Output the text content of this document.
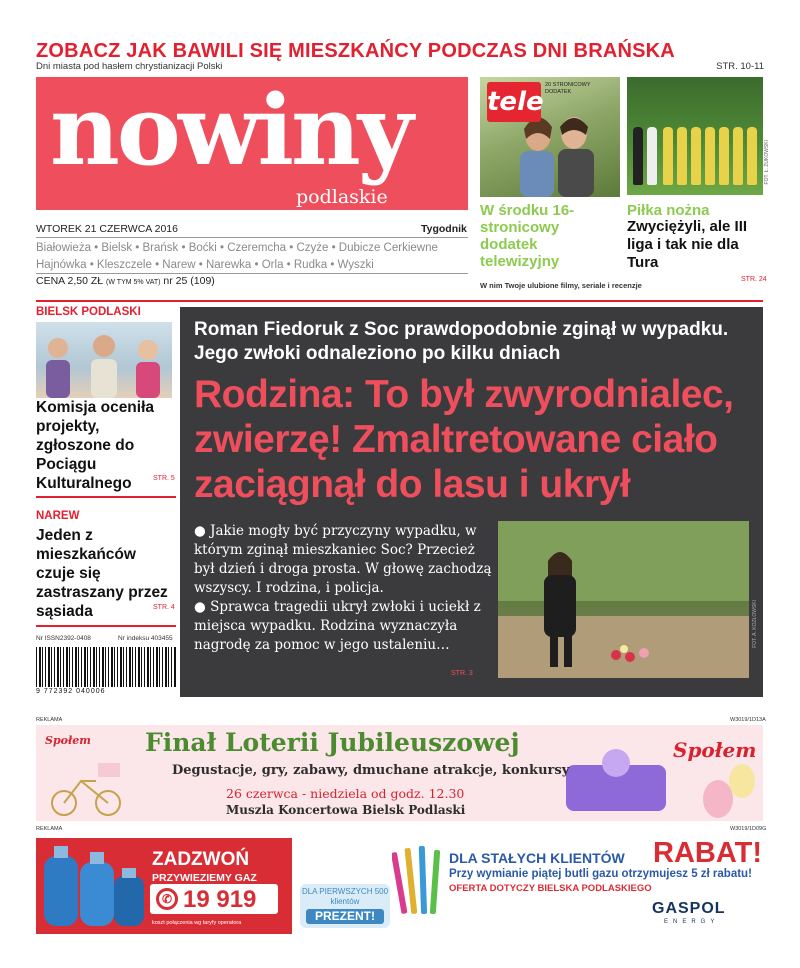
ZOBACZ JAK BAWILI SIĘ MIESZKAŃCY PODCZAS DNI BRAŃSKA
Dni miasta pod hasłem chrystianizacji Polski	STR. 10-11
nowiny
podlaskie
WTOREK 21 CZERWCA 2016	Tygodnik
Białowieża • Bielsk • Brańsk • Boćki • Czeremcha • Czyże • Dubicze Cerkiewne
Hajnówka • Kleszczele • Narew • Narewka • Orla • Rudka • Wyszki
CENA 2,50 ZŁ (W TYM 5% VAT) nr 25 (109)
tele
20 STRONICOWY DODATEK
W środku 16-stronicowy dodatek telewizyjny
W nim Twoje ulubione filmy, seriale i recenzje
FOT. Ł. ŻUKOWSKI
Piłka nożna
Zwyciężyli, ale III liga i tak nie dla Tura
STR. 24
BIELSK PODLASKI
Komisja oceniła projekty, zgłoszone do Pociągu Kulturalnego	STR. 5
NAREW
Jeden z mieszkańców czuje się zastraszany przez sąsiada	STR. 4
Nr ISSN2392-0408	Nr indeksu 403455
9 772392 040006
Roman Fiedoruk z Soc prawdopodobnie zginął w wypadku. Jego zwłoki odnaleziono po kilku dniach
Rodzina: To był zwyrodnialec, zwierzę! Zmaltretowane ciało zaciągnął do lasu i ukrył

● Jakie mogły być przyczyny wypadku, w którym zginął mieszkaniec Soc? Przecież był dzień i droga prosta. W głowę zachodzą wszyscy. I rodzina, i policja.

● Sprawca tragedii ukrył zwłoki i uciekł z miejsca wypadku. Rodzina wyznaczyła nagrodę za pomoc w jego ustaleniu…

STR. 3
FOT. A. KOZŁOWSKI
REKLAMA	W3019/1D13A
Społem	Społem
Finał Loterii Jubileuszowej
Degustacje, gry, zabawy, dmuchane atrakcje, konkursy
26 czerwca - niedziela od godz. 12.30
Muszla Koncertowa Bielsk Podlaski
REKLAMA	W3019/1D09G
ZADZWOŃ
PRZYWIEZIEMY GAZ
✆ 19 919
koszt połączenia wg taryfy operatora
DLA PIERWSZYCH 500 klientów
PREZENT!
DLA STAŁYCH KLIENTÓW RABAT!
Przy wymianie piątej butli gazu otrzymujesz 5 zł rabatu!
OFERTA DOTYCZY BIELSKA PODLASKIEGO
GASPOL
ENERGY
